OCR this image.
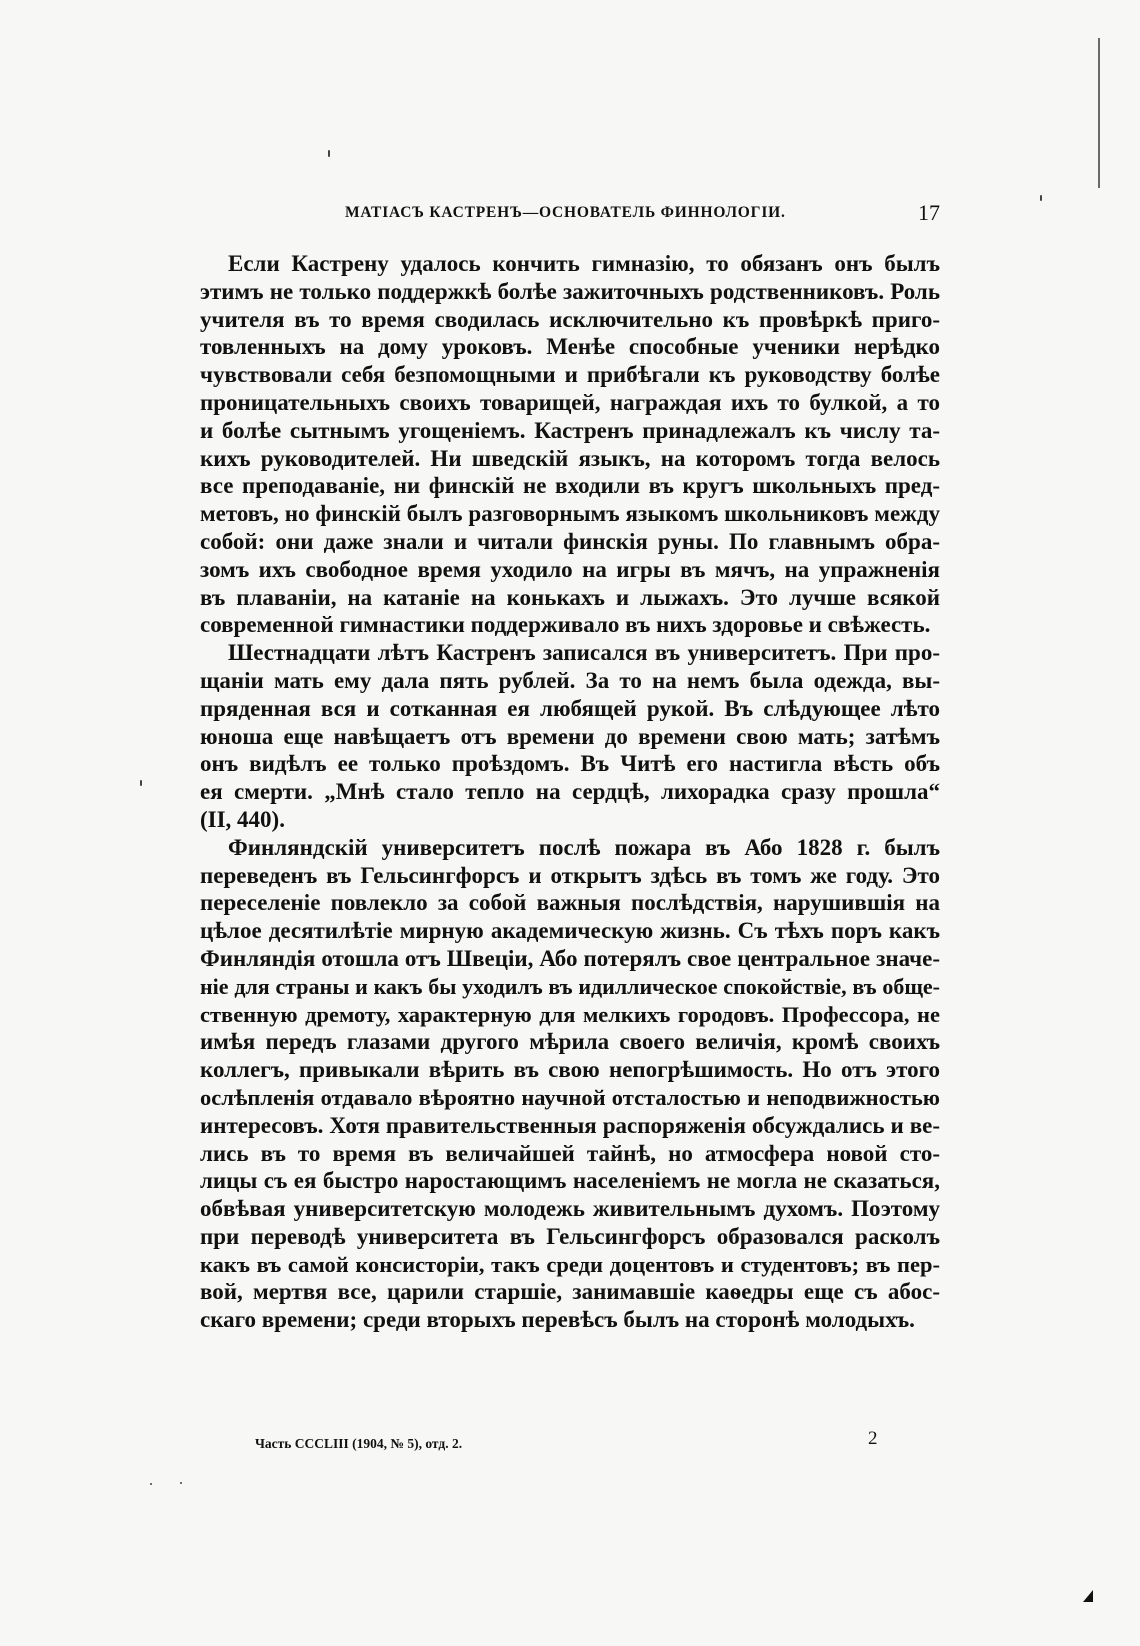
МАТІАСЪ КАСТРЕНЪ—ОСНОВАТЕЛЬ ФИННОЛОГІИ.	17
Если Кастрену удалось кончить гимназію, то обязанъ онъ былъ
этимъ не только поддержкѣ болѣе зажиточныхъ родственниковъ. Роль
учителя въ то время сводилась исключительно къ провѣркѣ приго-
товленныхъ на дому уроковъ. Менѣе способные ученики нерѣдко
чувствовали себя безпомощными и прибѣгали къ руководству болѣе
проницательныхъ своихъ товарищей, награждая ихъ то булкой, а то
и болѣе сытнымъ угощеніемъ. Кастренъ принадлежалъ къ числу та-
кихъ руководителей. Ни шведскій языкъ, на которомъ тогда велось
все преподаваніе, ни финскій не входили въ кругъ школьныхъ пред-
метовъ, но финскій былъ разговорнымъ языкомъ школьниковъ между
собой: они даже знали и читали финскія руны. По главнымъ обра-
зомъ ихъ свободное время уходило на игры въ мячъ, на упражненія
въ плаваніи, на катаніе на конькахъ и лыжахъ. Это лучше всякой
современной гимнастики поддерживало въ нихъ здоровье и свѣжесть.
Шестнадцати лѣтъ Кастренъ записался въ университетъ. При про-
щаніи мать ему дала пять рублей. За то на немъ была одежда, вы-
пряденная вся и сотканная ея любящей рукой. Въ слѣдующее лѣто
юноша еще навѣщаетъ отъ времени до времени свою мать; затѣмъ
онъ видѣлъ ее только проѣздомъ. Въ Читѣ его настигла вѣсть объ
ея смерти. „Мнѣ стало тепло на сердцѣ, лихорадка сразу прошла“
(II, 440).
Финляндскій университетъ послѣ пожара въ Або 1828 г. былъ
переведенъ въ Гельсингфорсъ и открытъ здѣсь въ томъ же году. Это
переселеніе повлекло за собой важныя послѣдствія, нарушившія на
цѣлое десятилѣтіе мирную академическую жизнь. Съ тѣхъ поръ какъ
Финляндія отошла отъ Швеціи, Або потерялъ свое центральное значе-
ніе для страны и какъ бы уходилъ въ идиллическое спокойствіе, въ обще-
ственную дремоту, характерную для мелкихъ городовъ. Профессора, не
имѣя передъ глазами другого мѣрила своего величія, кромѣ своихъ
коллегъ, привыкали вѣрить въ свою непогрѣшимость. Но отъ этого
ослѣпленія отдавало вѣроятно научной отсталостью и неподвижностью
интересовъ. Хотя правительственныя распоряженія обсуждались и ве-
лись въ то время въ величайшей тайнѣ, но атмосфера новой сто-
лицы съ ея быстро наростающимъ населеніемъ не могла не сказаться,
обвѣвая университетскую молодежь живительнымъ духомъ. Поэтому
при переводѣ университета въ Гельсингфорсъ образовался расколъ
какъ въ самой консисторіи, такъ среди доцентовъ и студентовъ; въ пер-
вой, мертвя все, царили старшіе, занимавшіе каѳедры еще съ абос-
скаго времени; среди вторыхъ перевѣсъ былъ на сторонѣ молодыхъ.
Часть CCCLIII (1904, № 5), отд. 2.	2
